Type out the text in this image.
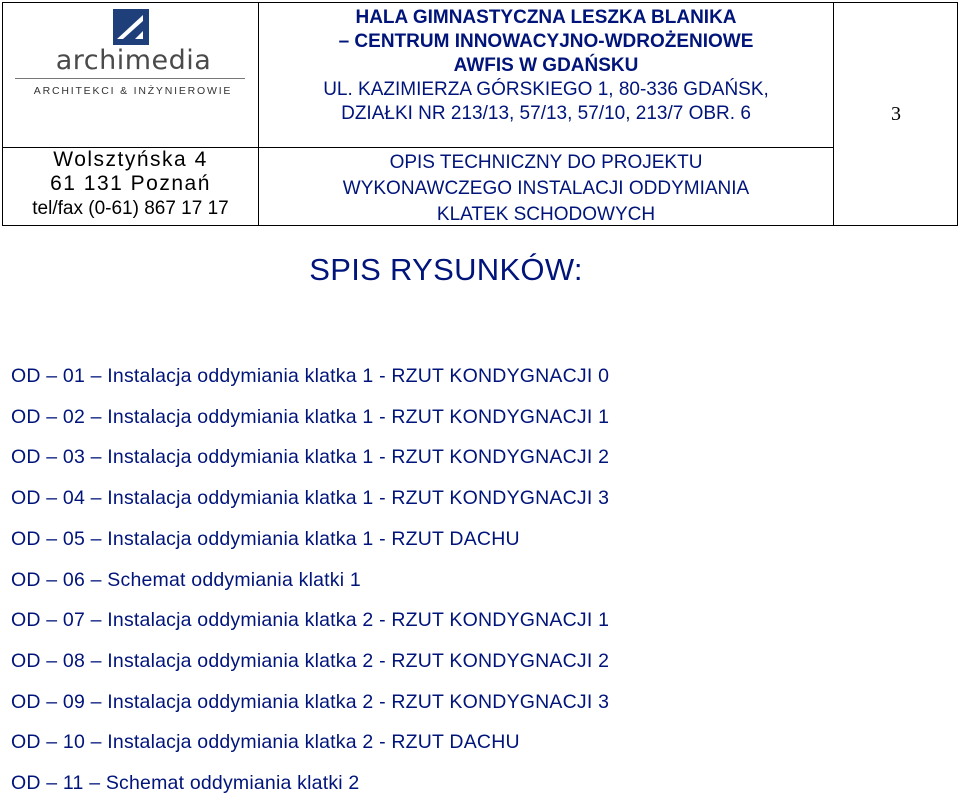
archimedia
ARCHITEKCI & INŻYNIEROWIE
Wolsztyńska 4
61 131 Poznań
tel/fax (0-61) 867 17 17
HALA GIMNASTYCZNA LESZKA BLANIKA
– CENTRUM INNOWACYJNO-WDROŻENIOWE
AWFIS W GDAŃSKU
UL. KAZIMIERZA GÓRSKIEGO 1, 80-336 GDAŃSK,
DZIAŁKI NR 213/13, 57/13, 57/10, 213/7 OBR. 6
OPIS TECHNICZNY DO PROJEKTU
WYKONAWCZEGO INSTALACJI ODDYMIANIA
KLATEK SCHODOWYCH
3
SPIS RYSUNKÓW:
OD – 01 – Instalacja oddymiania klatka 1 - RZUT KONDYGNACJI 0
OD – 02 – Instalacja oddymiania klatka 1 - RZUT KONDYGNACJI 1
OD – 03 – Instalacja oddymiania klatka 1 - RZUT KONDYGNACJI 2
OD – 04 – Instalacja oddymiania klatka 1 - RZUT KONDYGNACJI 3
OD – 05 – Instalacja oddymiania klatka 1 - RZUT DACHU
OD – 06 – Schemat oddymiania klatki 1
OD – 07 – Instalacja oddymiania klatka 2 - RZUT KONDYGNACJI 1
OD – 08 – Instalacja oddymiania klatka 2 - RZUT KONDYGNACJI 2
OD – 09 – Instalacja oddymiania klatka 2 - RZUT KONDYGNACJI 3
OD – 10 – Instalacja oddymiania klatka 2 - RZUT DACHU
OD – 11 – Schemat oddymiania klatki 2
